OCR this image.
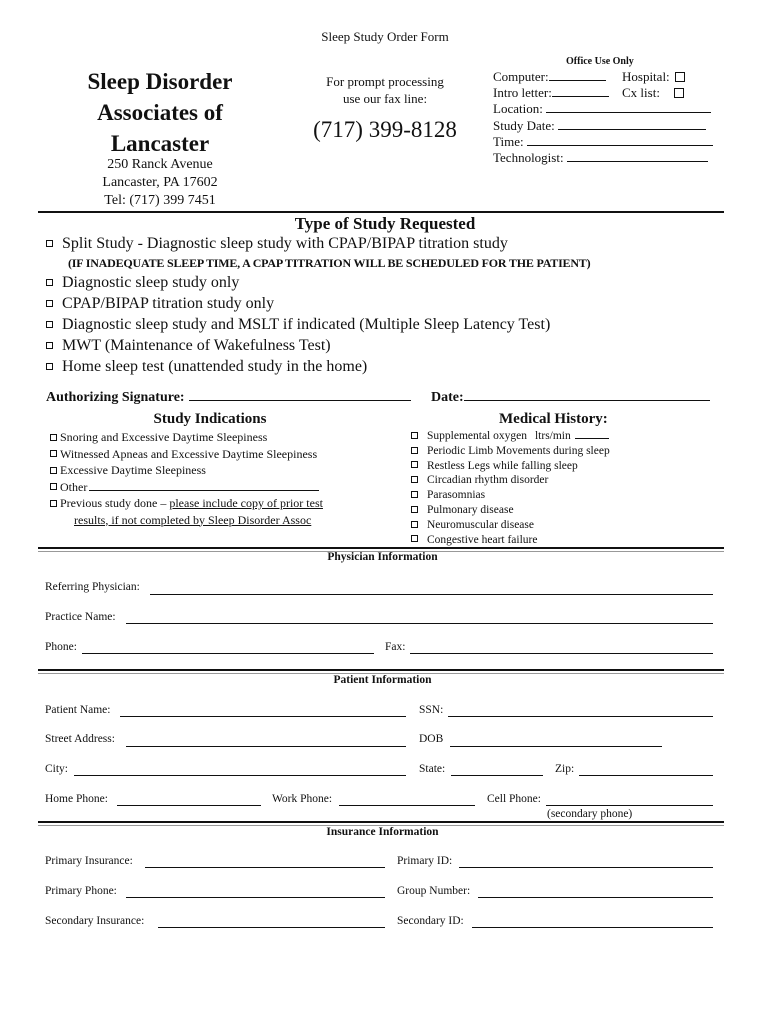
Sleep Study Order Form
Sleep Disorder
Associates of
Lancaster
250 Ranck Avenue
Lancaster, PA 17602
Tel: (717) 399 7451
For prompt processing
use our fax line:
(717) 399-8128
Office Use Only
Computer:	Hospital:
Intro letter:	Cx list:
Location:
Study Date:
Time:
Technologist:
Type of Study Requested
Split Study - Diagnostic sleep study with CPAP/BIPAP titration study
(IF INADEQUATE SLEEP TIME, A CPAP TITRATION WILL BE SCHEDULED FOR THE PATIENT)
Diagnostic sleep study only
CPAP/BIPAP titration study only
Diagnostic sleep study and MSLT if indicated (Multiple Sleep Latency Test)
MWT (Maintenance of Wakefulness Test)
Home sleep test (unattended study in the home)
Authorizing Signature:	Date:
Study Indications
Snoring and Excessive Daytime Sleepiness
Witnessed Apneas and Excessive Daytime Sleepiness
Excessive Daytime Sleepiness
Other
Previous study done – please include copy of prior test
results, if not completed by Sleep Disorder Assoc
Medical History:
Supplemental oxygen ltrs/min
Periodic Limb Movements during sleep
Restless Legs while falling sleep
Circadian rhythm disorder
Parasomnias
Pulmonary disease
Neuromuscular disease
Congestive heart failure
Physician Information
Referring Physician:
Practice Name:
Phone:	Fax:
Patient Information
Patient Name:	SSN:
Street Address:	DOB
City:	State:	Zip:
Home Phone:	Work Phone:	Cell Phone:
(secondary phone)
Insurance Information
Primary Insurance:	Primary ID:
Primary Phone:	Group Number:
Secondary Insurance:	Secondary ID:
